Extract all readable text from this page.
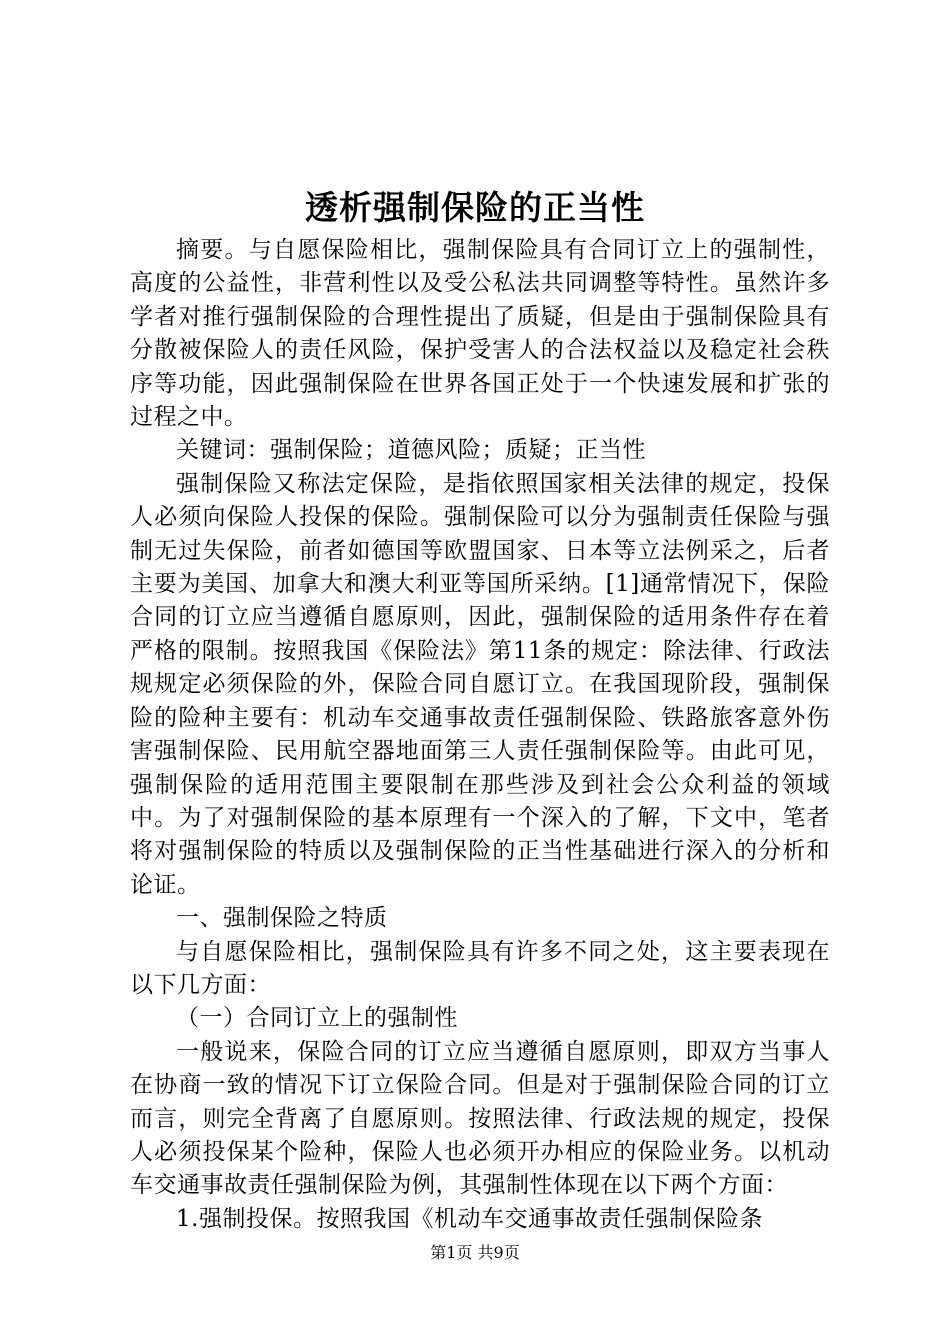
透析强制保险的正当性

摘要。与自愿保险相比，强制保险具有合同订立上的强制性，高度的公益性，非营利性以及受公私法共同调整等特性。虽然许多学者对推行强制保险的合理性提出了质疑，但是由于强制保险具有分散被保险人的责任风险，保护受害人的合法权益以及稳定社会秩序等功能，因此强制保险在世界各国正处于一个快速发展和扩张的过程之中。

关键词：强制保险；道德风险；质疑；正当性

强制保险又称法定保险，是指依照国家相关法律的规定，投保人必须向保险人投保的保险。强制保险可以分为强制责任保险与强制无过失保险，前者如德国等欧盟国家、日本等立法例采之，后者主要为美国、加拿大和澳大利亚等国所采纳。[1]通常情况下，保险合同的订立应当遵循自愿原则，因此，强制保险的适用条件存在着严格的限制。按照我国《保险法》第11条的规定：除法律、行政法规规定必须保险的外，保险合同自愿订立。在我国现阶段，强制保险的险种主要有：机动车交通事故责任强制保险、铁路旅客意外伤害强制保险、民用航空器地面第三人责任强制保险等。由此可见，强制保险的适用范围主要限制在那些涉及到社会公众利益的领域中。为了对强制保险的基本原理有一个深入的了解，下文中，笔者将对强制保险的特质以及强制保险的正当性基础进行深入的分析和论证。

一、强制保险之特质

与自愿保险相比，强制保险具有许多不同之处，这主要表现在以下几方面：

（一）合同订立上的强制性

一般说来，保险合同的订立应当遵循自愿原则，即双方当事人在协商一致的情况下订立保险合同。但是对于强制保险合同的订立而言，则完全背离了自愿原则。按照法律、行政法规的规定，投保人必须投保某个险种，保险人也必须开办相应的保险业务。以机动车交通事故责任强制保险为例，其强制性体现在以下两个方面：

1.强制投保。按照我国《机动车交通事故责任强制保险条

第1页 共9页
